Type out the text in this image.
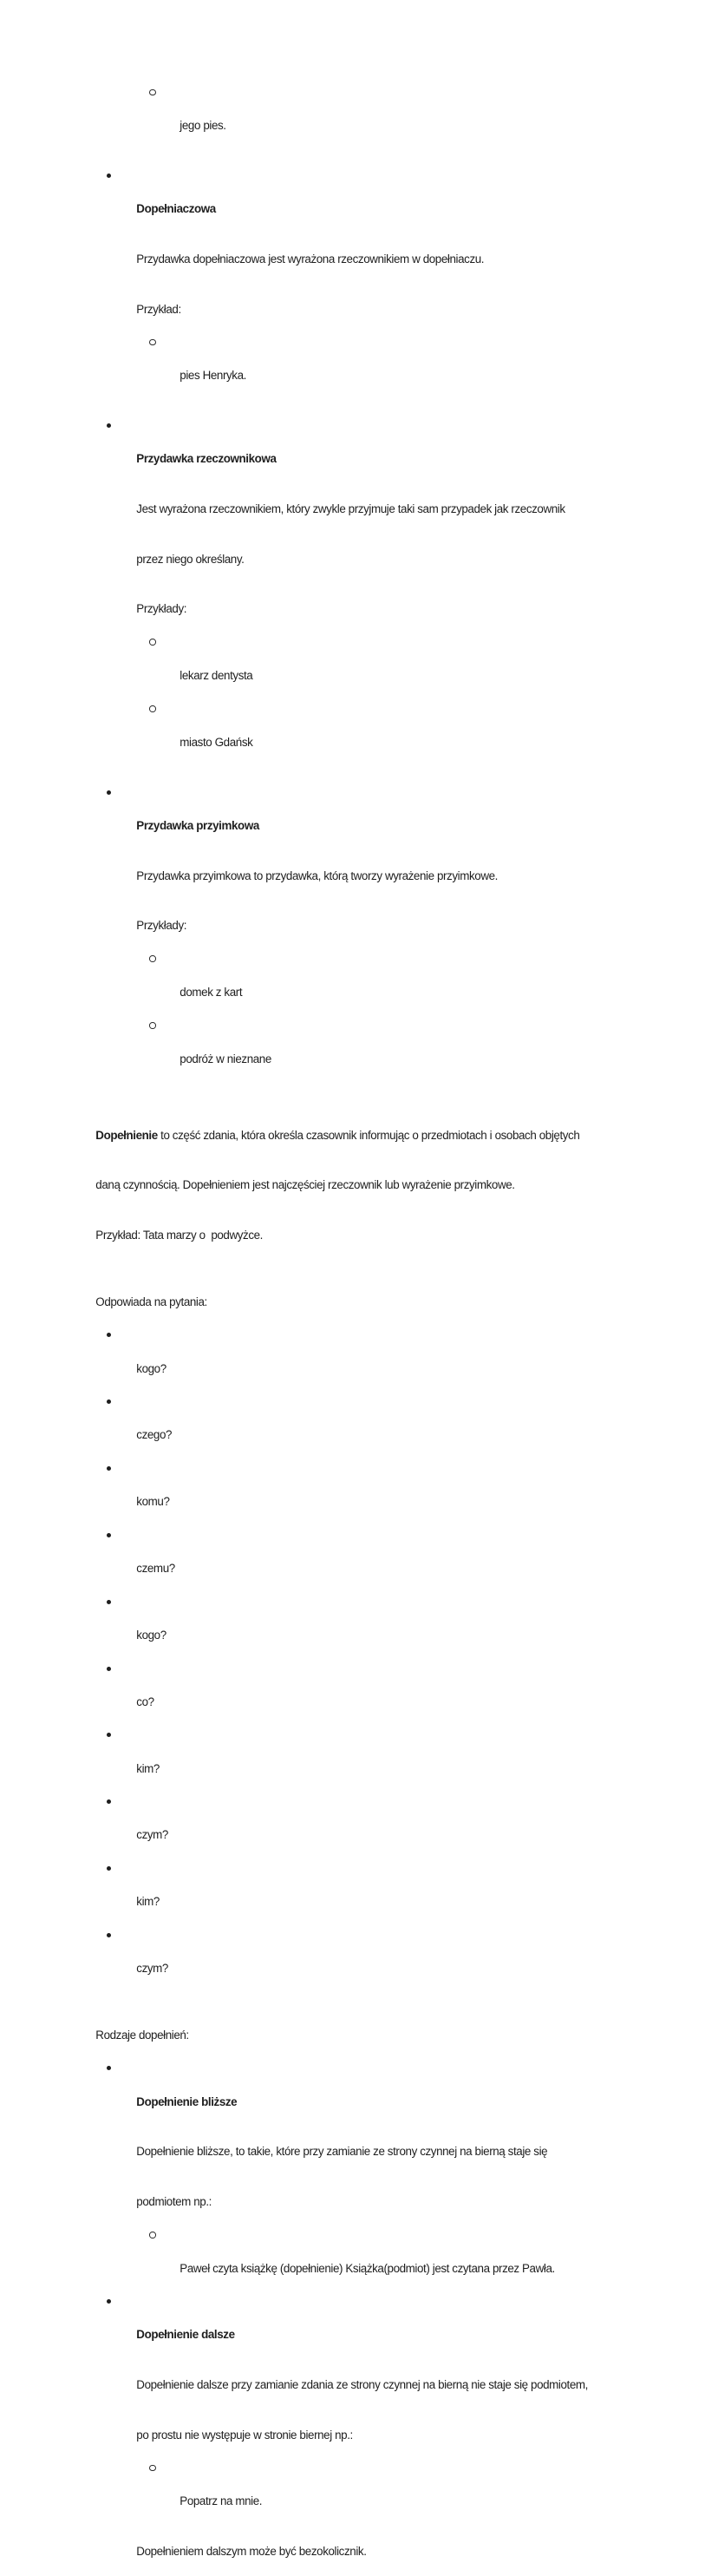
jego pies.

Dopełniaczowa

Przydawka dopełniaczowa jest wyrażona rzeczownikiem w dopełniaczu.

Przykład:

pies Henryka.

Przydawka rzeczownikowa

Jest wyrażona rzeczownikiem, który zwykle przyjmuje taki sam przypadek jak rzeczownik

przez niego określany.

Przykłady:

lekarz dentysta

miasto Gdańsk

Przydawka przyimkowa

Przydawka przyimkowa to przydawka, którą tworzy wyrażenie przyimkowe.

Przykłady:

domek z kart

podróż w nieznane

Dopełnienie to część zdania, która określa czasownik informując o przedmiotach i osobach objętych

daną czynnością. Dopełnieniem jest najczęściej rzeczownik lub wyrażenie przyimkowe.

Przykład: Tata marzy o  podwyżce.

Odpowiada na pytania:

kogo?

czego?

komu?

czemu?

kogo?

co?

kim?

czym?

kim?

czym?

Rodzaje dopełnień:

Dopełnienie bliższe

Dopełnienie bliższe, to takie, które przy zamianie ze strony czynnej na bierną staje się

podmiotem np.:

Paweł czyta książkę (dopełnienie) Książka(podmiot) jest czytana przez Pawła.

Dopełnienie dalsze

Dopełnienie dalsze przy zamianie zdania ze strony czynnej na bierną nie staje się podmiotem,

po prostu nie występuje w stronie biernej np.:

Popatrz na mnie.

Dopełnieniem dalszym może być bezokolicznik.
